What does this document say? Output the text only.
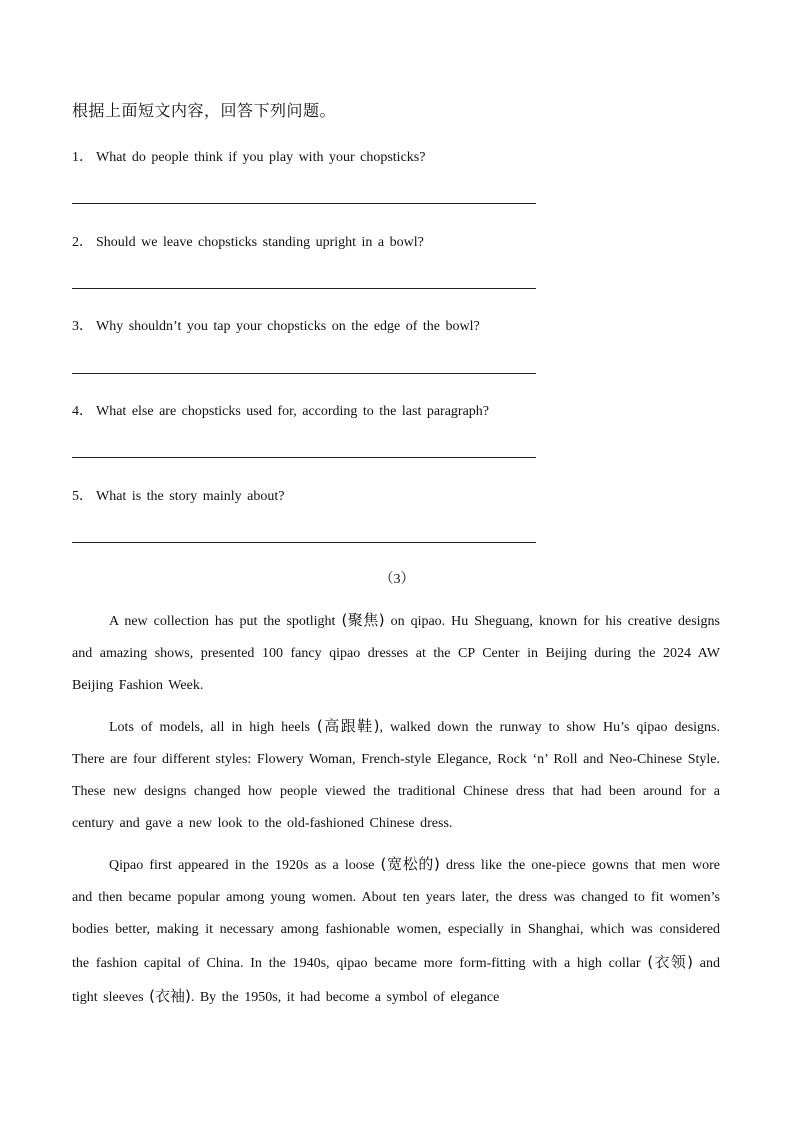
根据上面短文内容，回答下列问题。
1． What do people think if you play with your chopsticks?
2． Should we leave chopsticks standing upright in a bowl?
3． Why shouldn’t you tap your chopsticks on the edge of the bowl?
4． What else are chopsticks used for, according to the last paragraph?
5． What is the story mainly about?
（3）
A new collection has put the spotlight (聚焦) on qipao. Hu Sheguang, known for his creative designs and amazing shows, presented 100 fancy qipao dresses at the CP Center in Beijing during the 2024 AW Beijing Fashion Week.
Lots of models, all in high heels (高跟鞋), walked down the runway to show Hu’s qipao designs. There are four different styles: Flowery Woman, French-style Elegance, Rock ‘n’ Roll and Neo-Chinese Style. These new designs changed how people viewed the traditional Chinese dress that had been around for a century and gave a new look to the old-fashioned Chinese dress.
Qipao first appeared in the 1920s as a loose (宽松的) dress like the one-piece gowns that men wore and then became popular among young women. About ten years later, the dress was changed to fit women’s bodies better, making it necessary among fashionable women, especially in Shanghai, which was considered the fashion capital of China. In the 1940s, qipao became more form-fitting with a high collar (衣领) and tight sleeves (衣袖). By the 1950s, it had become a symbol of elegance
